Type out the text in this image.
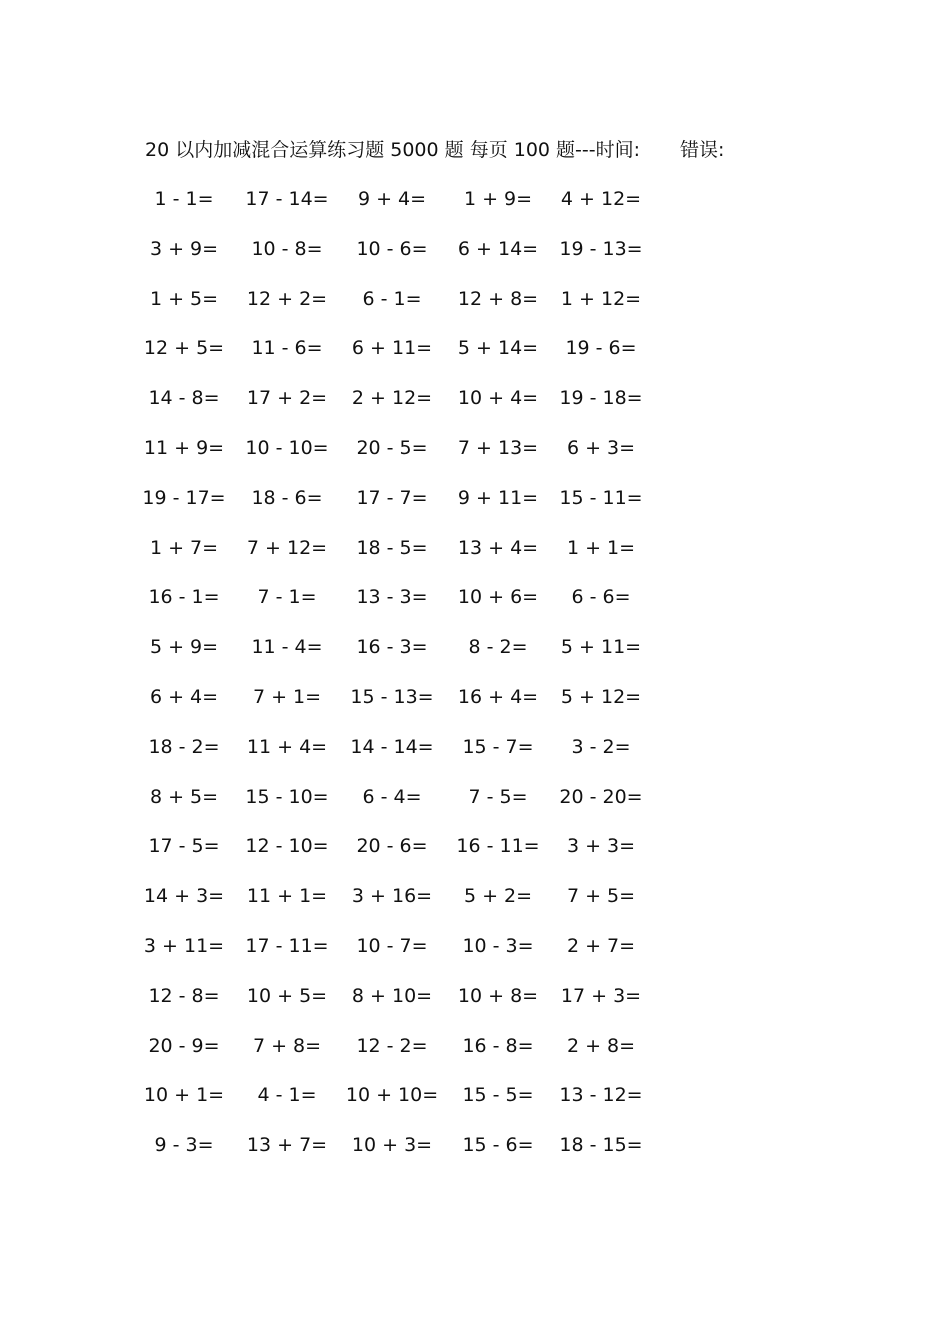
20 以内加减混合运算练习题 5000 题 每页 100 题---时间: 错误:
1 - 1=	17 - 14=	9 + 4=	1 + 9=	4 + 12=
3 + 9=	10 - 8=	10 - 6=	6 + 14=	19 - 13=
1 + 5=	12 + 2=	6 - 1=	12 + 8=	1 + 12=
12 + 5=	11 - 6=	6 + 11=	5 + 14=	19 - 6=
14 - 8=	17 + 2=	2 + 12=	10 + 4=	19 - 18=
11 + 9=	10 - 10=	20 - 5=	7 + 13=	6 + 3=
19 - 17=	18 - 6=	17 - 7=	9 + 11=	15 - 11=
1 + 7=	7 + 12=	18 - 5=	13 + 4=	1 + 1=
16 - 1=	7 - 1=	13 - 3=	10 + 6=	6 - 6=
5 + 9=	11 - 4=	16 - 3=	8 - 2=	5 + 11=
6 + 4=	7 + 1=	15 - 13=	16 + 4=	5 + 12=
18 - 2=	11 + 4=	14 - 14=	15 - 7=	3 - 2=
8 + 5=	15 - 10=	6 - 4=	7 - 5=	20 - 20=
17 - 5=	12 - 10=	20 - 6=	16 - 11=	3 + 3=
14 + 3=	11 + 1=	3 + 16=	5 + 2=	7 + 5=
3 + 11=	17 - 11=	10 - 7=	10 - 3=	2 + 7=
12 - 8=	10 + 5=	8 + 10=	10 + 8=	17 + 3=
20 - 9=	7 + 8=	12 - 2=	16 - 8=	2 + 8=
10 + 1=	4 - 1=	10 + 10=	15 - 5=	13 - 12=
9 - 3=	13 + 7=	10 + 3=	15 - 6=	18 - 15=
